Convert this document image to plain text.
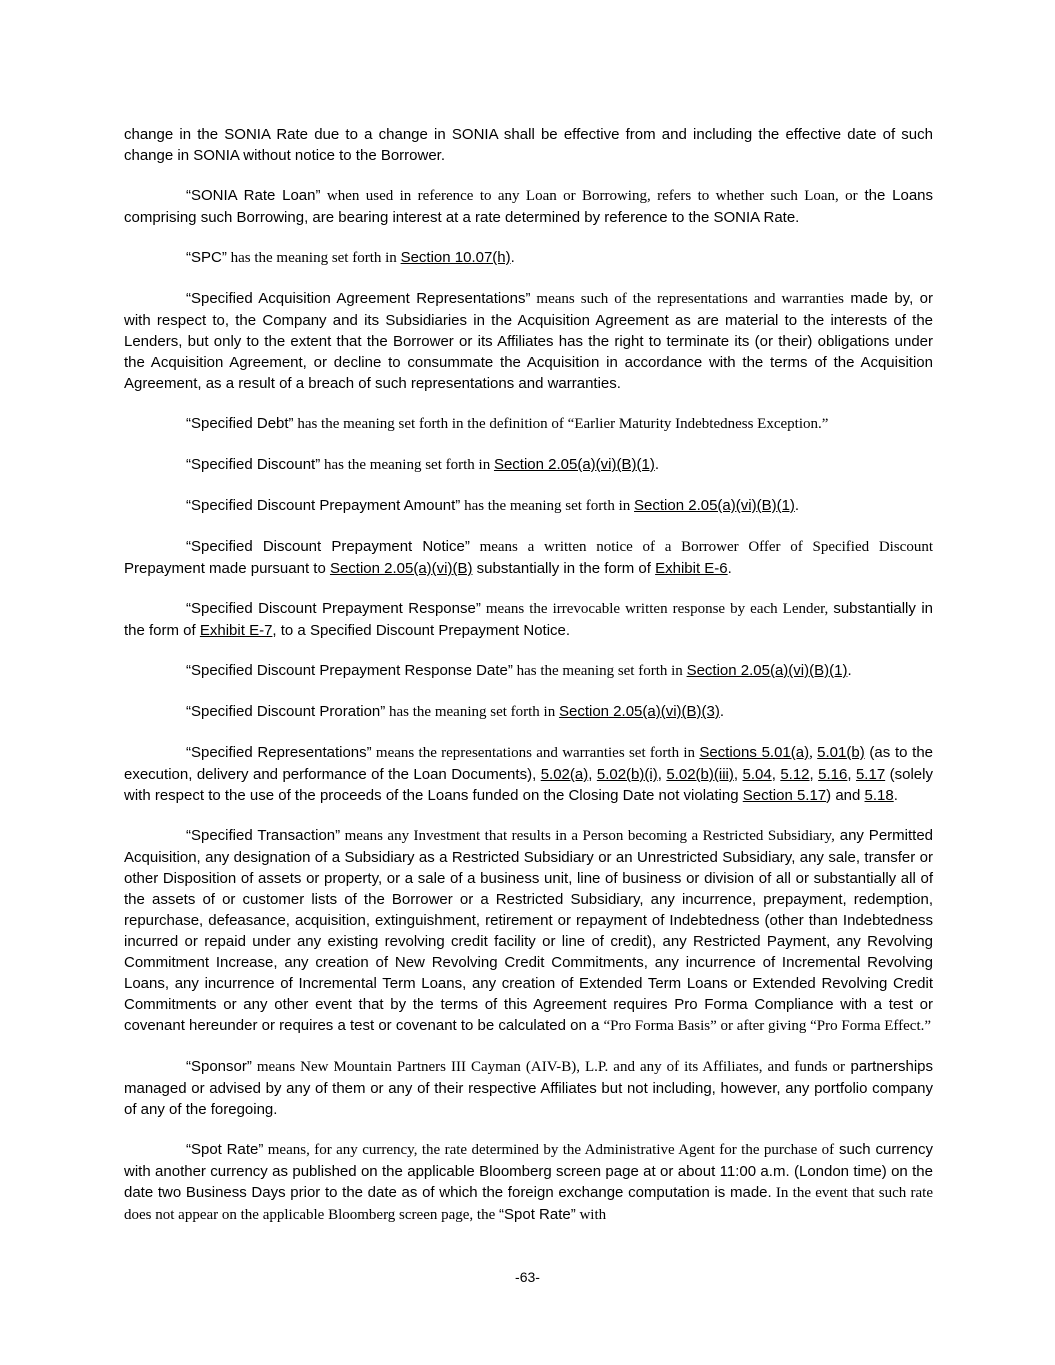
change in the SONIA Rate due to a change in SONIA shall be effective from and including the effective date of such change in SONIA without notice to the Borrower.

“SONIA Rate Loan” when used in reference to any Loan or Borrowing, refers to whether such Loan, or the Loans comprising such Borrowing, are bearing interest at a rate determined by reference to the SONIA Rate.

“SPC” has the meaning set forth in Section 10.07(h).

“Specified Acquisition Agreement Representations” means such of the representations and warranties made by, or with respect to, the Company and its Subsidiaries in the Acquisition Agreement as are material to the interests of the Lenders, but only to the extent that the Borrower or its Affiliates has the right to terminate its (or their) obligations under the Acquisition Agreement, or decline to consummate the Acquisition in accordance with the terms of the Acquisition Agreement, as a result of a breach of such representations and warranties.

“Specified Debt” has the meaning set forth in the definition of “Earlier Maturity Indebtedness Exception.”

“Specified Discount” has the meaning set forth in Section 2.05(a)(vi)(B)(1).

“Specified Discount Prepayment Amount” has the meaning set forth in Section 2.05(a)(vi)(B)(1).

“Specified Discount Prepayment Notice” means a written notice of a Borrower Offer of Specified Discount Prepayment made pursuant to Section 2.05(a)(vi)(B) substantially in the form of Exhibit E-6.

“Specified Discount Prepayment Response” means the irrevocable written response by each Lender, substantially in the form of Exhibit E-7, to a Specified Discount Prepayment Notice.

“Specified Discount Prepayment Response Date” has the meaning set forth in Section 2.05(a)(vi)(B)(1).

“Specified Discount Proration” has the meaning set forth in Section 2.05(a)(vi)(B)(3).

“Specified Representations” means the representations and warranties set forth in Sections 5.01(a), 5.01(b) (as to the execution, delivery and performance of the Loan Documents), 5.02(a), 5.02(b)(i), 5.02(b)(iii), 5.04, 5.12, 5.16, 5.17 (solely with respect to the use of the proceeds of the Loans funded on the Closing Date not violating Section 5.17) and 5.18.

“Specified Transaction” means any Investment that results in a Person becoming a Restricted Subsidiary, any Permitted Acquisition, any designation of a Subsidiary as a Restricted Subsidiary or an Unrestricted Subsidiary, any sale, transfer or other Disposition of assets or property, or a sale of a business unit, line of business or division of all or substantially all of the assets of or customer lists of the Borrower or a Restricted Subsidiary, any incurrence, prepayment, redemption, repurchase, defeasance, acquisition, extinguishment, retirement or repayment of Indebtedness (other than Indebtedness incurred or repaid under any existing revolving credit facility or line of credit), any Restricted Payment, any Revolving Commitment Increase, any creation of New Revolving Credit Commitments, any incurrence of Incremental Revolving Loans, any incurrence of Incremental Term Loans, any creation of Extended Term Loans or Extended Revolving Credit Commitments or any other event that by the terms of this Agreement requires Pro Forma Compliance with a test or covenant hereunder or requires a test or covenant to be calculated on a “Pro Forma Basis” or after giving “Pro Forma Effect.”

“Sponsor” means New Mountain Partners III Cayman (AIV-B), L.P. and any of its Affiliates, and funds or partnerships managed or advised by any of them or any of their respective Affiliates but not including, however, any portfolio company of any of the foregoing.

“Spot Rate” means, for any currency, the rate determined by the Administrative Agent for the purchase of such currency with another currency as published on the applicable Bloomberg screen page at or about 11:00 a.m. (London time) on the date two Business Days prior to the date as of which the foreign exchange computation is made. In the event that such rate does not appear on the applicable Bloomberg screen page, the “Spot Rate” with

-63-
